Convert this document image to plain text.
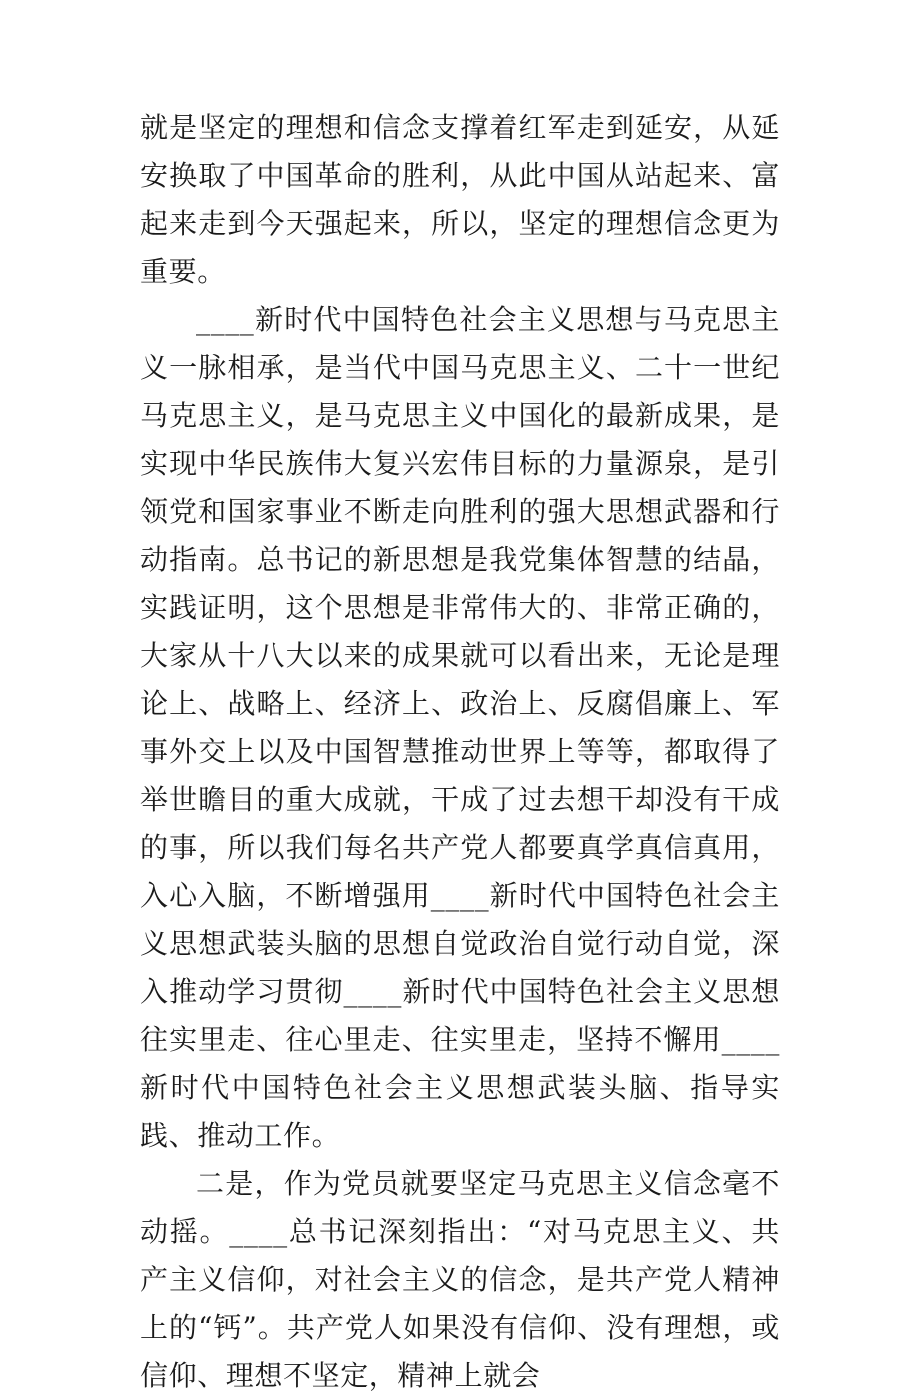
就是坚定的理想和信念支撑着红军走到延安，从延安换取了中国革命的胜利，从此中国从站起来、富起来走到今天强起来，所以，坚定的理想信念更为重要。

____新时代中国特色社会主义思想与马克思主义一脉相承，是当代中国马克思主义、二十一世纪马克思主义，是马克思主义中国化的最新成果，是实现中华民族伟大复兴宏伟目标的力量源泉，是引领党和国家事业不断走向胜利的强大思想武器和行动指南。总书记的新思想是我党集体智慧的结晶，实践证明，这个思想是非常伟大的、非常正确的，大家从十八大以来的成果就可以看出来，无论是理论上、战略上、经济上、政治上、反腐倡廉上、军事外交上以及中国智慧推动世界上等等，都取得了举世瞻目的重大成就，干成了过去想干却没有干成的事，所以我们每名共产党人都要真学真信真用，入心入脑，不断增强用____新时代中国特色社会主义思想武装头脑的思想自觉政治自觉行动自觉，深入推动学习贯彻____新时代中国特色社会主义思想往实里走、往心里走、往实里走，坚持不懈用____新时代中国特色社会主义思想武装头脑、指导实践、推动工作。

二是，作为党员就要坚定马克思主义信念毫不动摇。____总书记深刻指出：“对马克思主义、共产主义信仰，对社会主义的信念，是共产党人精神上的“钙”。共产党人如果没有信仰、没有理想，或信仰、理想不坚定，精神上就会
